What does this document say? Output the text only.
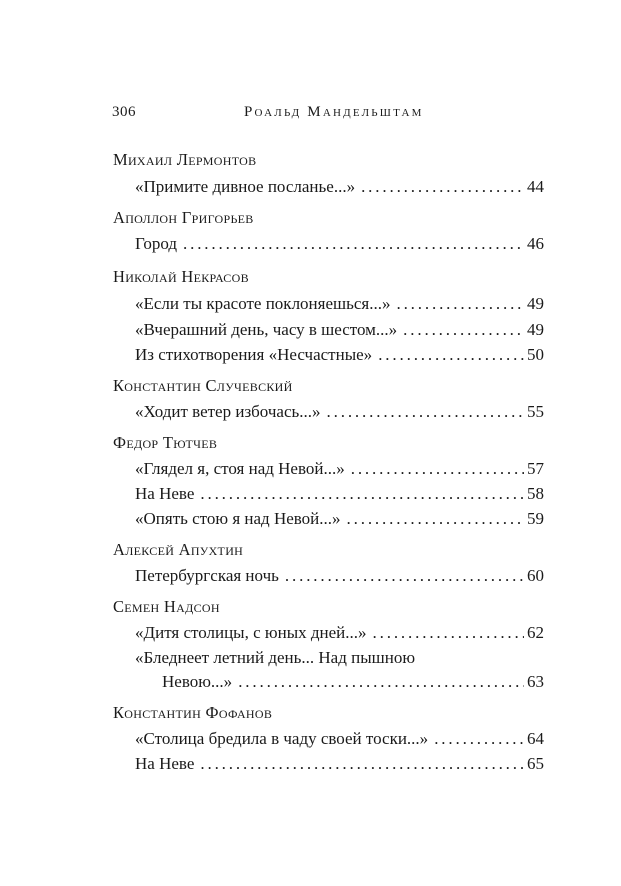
306	Роальд Мандельштам
Михаил Лермонтов
«Примите дивное посланье...» . . .	44
Аполлон Григорьев
Город . . .	46
Николай Некрасов
«Если ты красоте поклоняешься...» . . .	49
«Вчерашний день, часу в шестом...» . . .	49
Из стихотворения «Несчастные» . . .	50
Константин Случевский
«Ходит ветер избочась...» . . .	55
Федор Тютчев
«Глядел я, стоя над Невой...» . . .	57
На Неве . . .	58
«Опять стою я над Невой...» . . .	59
Алексей Апухтин
Петербургская ночь . . .	60
Семен Надсон
«Дитя столицы, с юных дней...» . . .	62
«Бледнеет летний день... Над пышною
Невою...» . . .	63
Константин Фофанов
«Столица бредила в чаду своей тоски...» . . .	64
На Неве . . .	65
